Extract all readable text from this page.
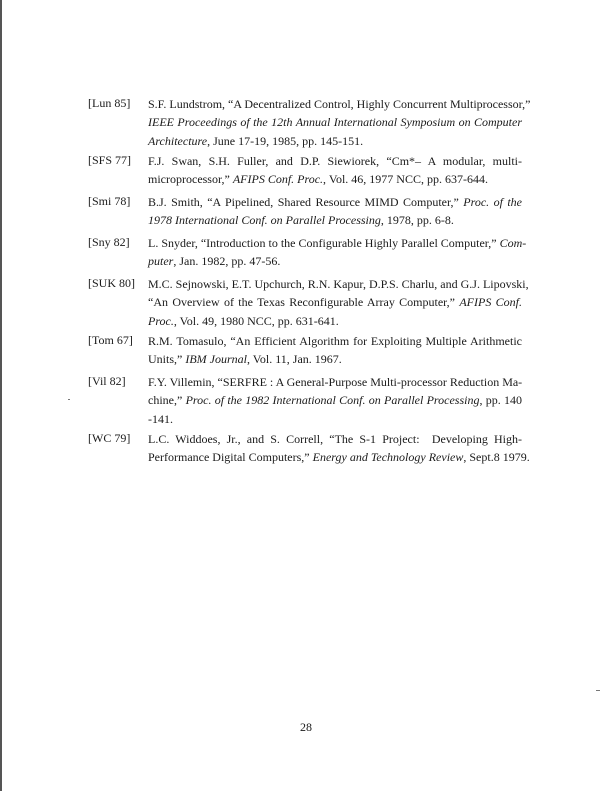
[Lun 85] S.F. Lundstrom, “A Decentralized Control, Highly Concurrent Multiprocessor,”
IEEE Proceedings of the 12th Annual International Symposium on Computer
Architecture, June 17-19, 1985, pp. 145-151.
[SFS 77] F.J. Swan, S.H. Fuller, and D.P. Siewiorek, “Cm*– A modular, multi-
microprocessor,” AFIPS Conf. Proc., Vol. 46, 1977 NCC, pp. 637-644.
[Smi 78] B.J. Smith, “A Pipelined, Shared Resource MIMD Computer,” Proc. of the
1978 International Conf. on Parallel Processing, 1978, pp. 6-8.
[Sny 82] L. Snyder, “Introduction to the Configurable Highly Parallel Computer,” Com-
puter, Jan. 1982, pp. 47-56.
[SUK 80] M.C. Sejnowski, E.T. Upchurch, R.N. Kapur, D.P.S. Charlu, and G.J. Lipovski,
“An Overview of the Texas Reconfigurable Array Computer,” AFIPS Conf.
Proc., Vol. 49, 1980 NCC, pp. 631-641.
[Tom 67] R.M. Tomasulo, “An Efficient Algorithm for Exploiting Multiple Arithmetic
Units,” IBM Journal, Vol. 11, Jan. 1967.
[Vil 82] F.Y. Villemin, “SERFRE : A General-Purpose Multi-processor Reduction Ma-
chine,” Proc. of the 1982 International Conf. on Parallel Processing, pp. 140
-141.
[WC 79] L.C. Widdoes, Jr., and S. Correll, “The S-1 Project:  Developing High-
Performance Digital Computers,” Energy and Technology Review, Sept.8 1979.
28
